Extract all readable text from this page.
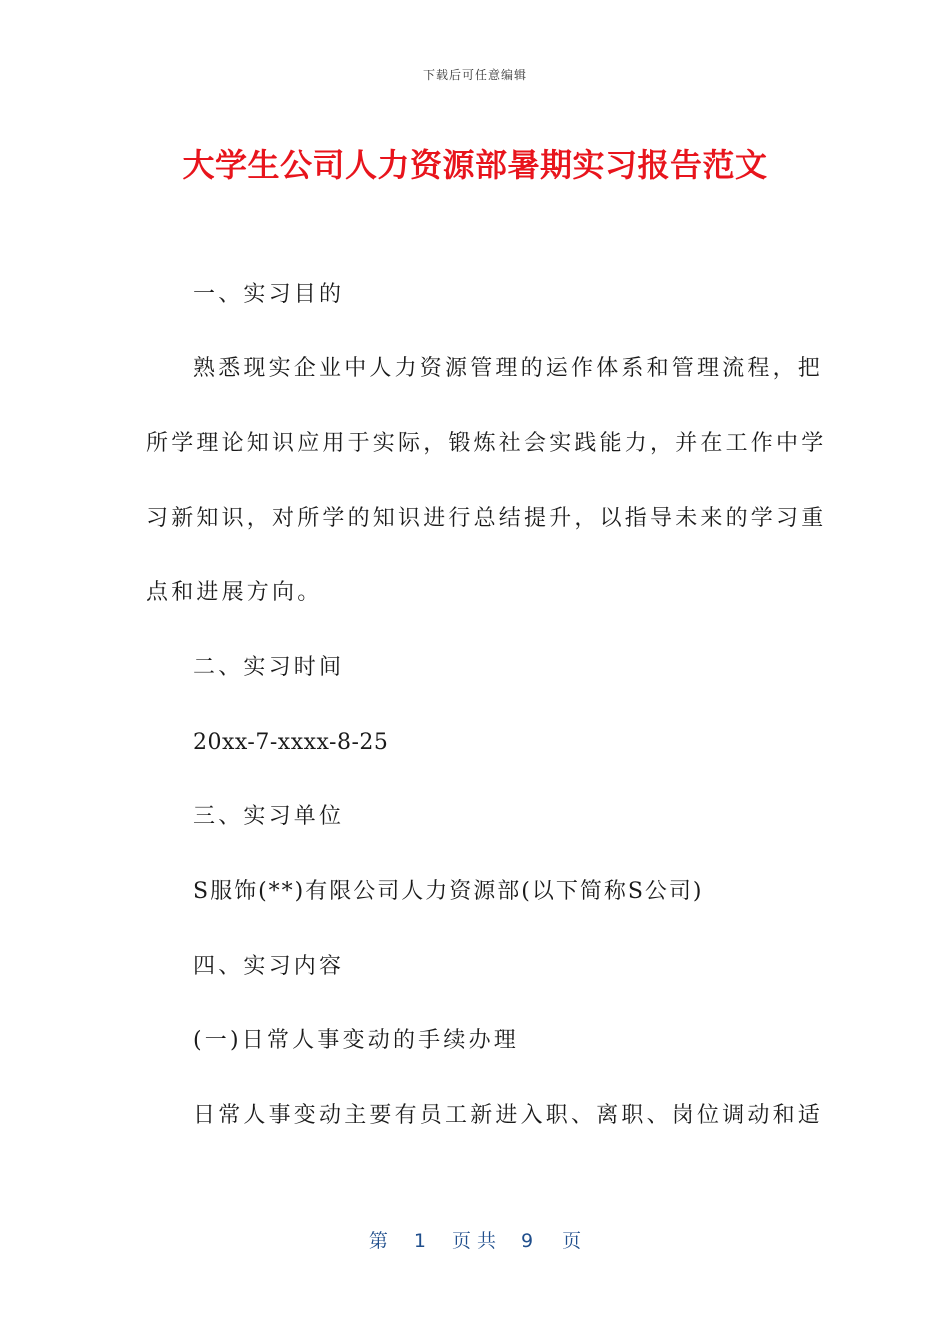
下载后可任意编辑
大学生公司人力资源部暑期实习报告范文
一、实习目的
熟悉现实企业中人力资源管理的运作体系和管理流程，把
所学理论知识应用于实际，锻炼社会实践能力，并在工作中学
习新知识，对所学的知识进行总结提升，以指导未来的学习重
点和进展方向。
二、实习时间
20xx-7-xxxx-8-25
三、实习单位
S服饰(**)有限公司人力资源部(以下简称S公司)
四、实习内容
(一)日常人事变动的手续办理
日常人事变动主要有员工新进入职、离职、岗位调动和适
第 1 页共 9 页
